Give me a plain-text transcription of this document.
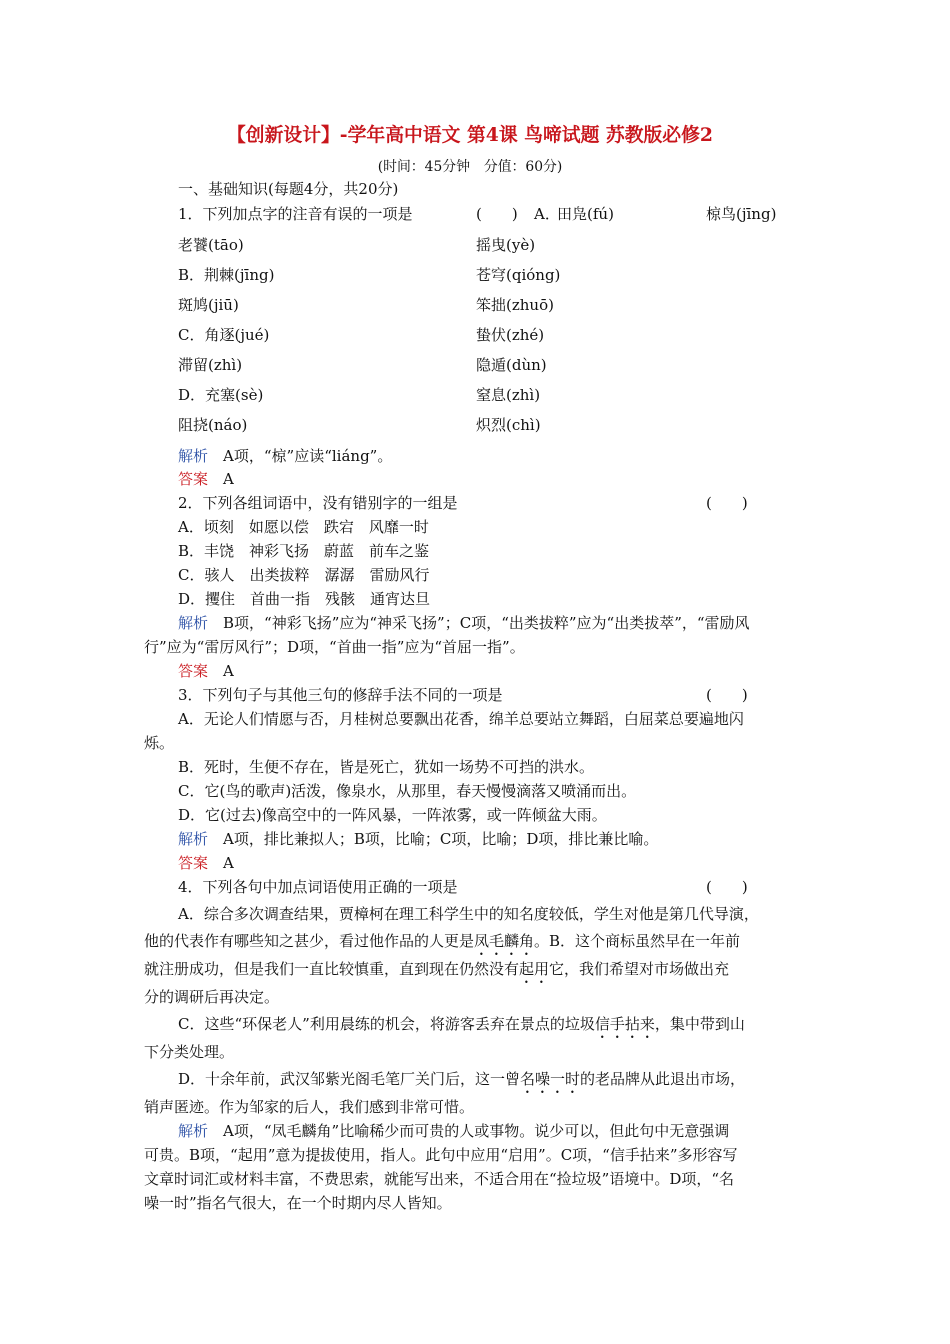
【创新设计】-学年高中语文 第4课 鸟啼试题 苏教版必修2
(时间：45分钟　分值：60分)
一、基础知识(每题4分，共20分)
1．下列加点字的注音有误的一项是	(　　) A．
田凫(fú)	椋鸟(jīng)
老饕(tāo)	摇曳(yè)
B．荆棘(jīng)	苍穹(qióng)
斑鸠(jiū)	笨拙(zhuō)
C．角逐(jué)	蛰伏(zhé)
滞留(zhì)	隐遁(dùn)
D．充塞(sè)	窒息(zhì)
阻挠(náo)	炽烈(chì)
解析　 A项，“椋”应读“liáng”。
答案　 A
2．下列各组词语中，没有错别字的一组是	(　　)
A．顷刻　如愿以偿　跌宕　风靡一时
B．丰饶　神彩飞扬　蔚蓝　前车之鉴
C．骇人　出类拔粹　潺潺　雷励风行
D．攫住　首曲一指　残骸　通宵达旦
解析　 B项，“神彩飞扬”应为“神采飞扬”；C项，“出类拔粹”应为“出类拔萃”，“雷励风
行”应为“雷厉风行”；D项，“首曲一指”应为“首屈一指”。
答案　 A
3．下列句子与其他三句的修辞手法不同的一项是	(　　)
A．无论人们情愿与否，月桂树总要飘出花香，绵羊总要站立舞蹈，白屈菜总要遍地闪
烁。
B．死时，生便不存在，皆是死亡，犹如一场势不可挡的洪水。
C．它(鸟的歌声)活泼，像泉水，从那里，春天慢慢滴落又喷涌而出。
D．它(过去)像高空中的一阵风暴，一阵浓雾，或一阵倾盆大雨。
解析　 A项，排比兼拟人；B项，比喻；C项，比喻；D项，排比兼比喻。
答案　 A
4．下列各句中加点词语使用正确的一项是	(　　)
A．综合多次调查结果，贾樟柯在理工科学生中的知名度较低，学生对他是第几代导演，
他的代表作有哪些知之甚少，看过他作品的人更是凤毛麟角。B．这个商标虽然早在一年前
就注册成功，但是我们一直比较慎重，直到现在仍然没有起用它，我们希望对市场做出充
分的调研后再决定。
C．这些“环保老人”利用晨练的机会，将游客丢弃在景点的垃圾信手拈来，集中带到山
下分类处理。
D．十余年前，武汉邹紫光阁毛笔厂关门后，这一曾名噪一时的老品牌从此退出市场，
销声匿迹。作为邹家的后人，我们感到非常可惜。
解析　 A项，“凤毛麟角”比喻稀少而可贵的人或事物。说少可以，但此句中无意强调
可贵。B项，“起用”意为提拔使用，指人。此句中应用“启用”。C项，“信手拈来”多形容写
文章时词汇或材料丰富，不费思索，就能写出来，不适合用在“捡垃圾”语境中。D项，“名
噪一时”指名气很大，在一个时期内尽人皆知。
